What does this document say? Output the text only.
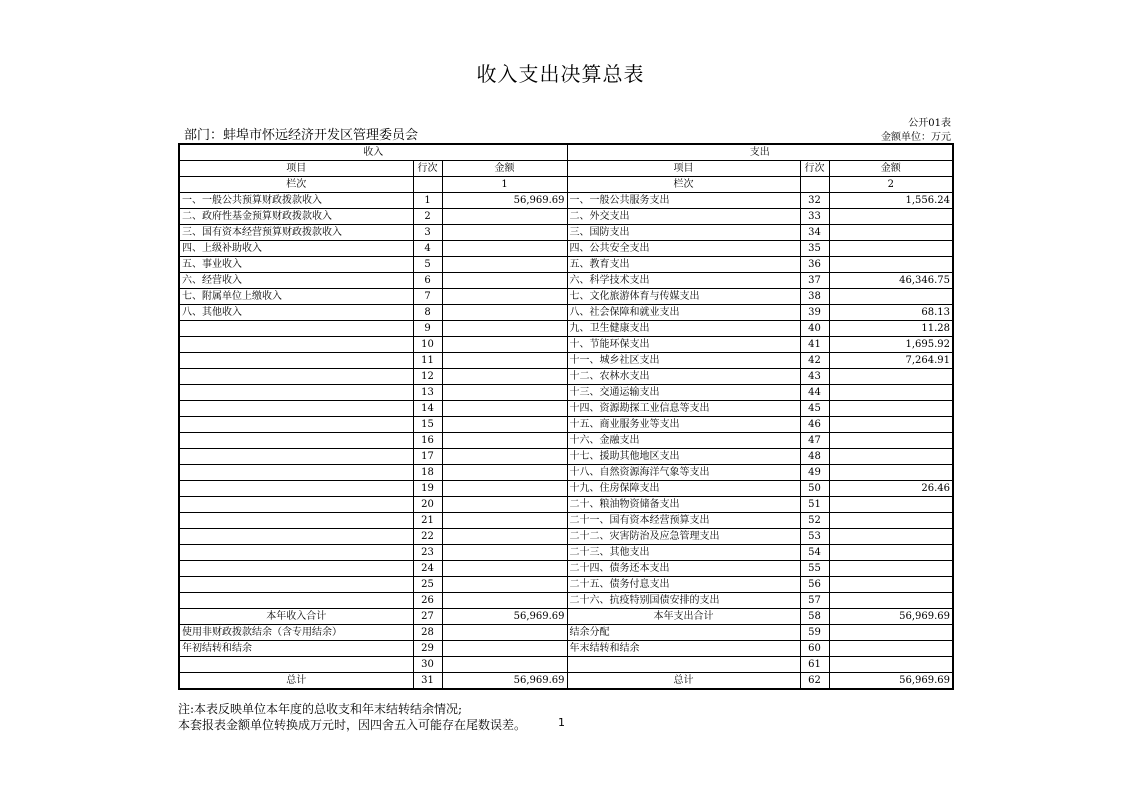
收入支出决算总表
公开01表
金额单位：万元
部门：蚌埠市怀远经济开发区管理委员会
收入			支出		
项目	行次	金额	项目	行次	金额
栏次		1	栏次		2
一、一般公共预算财政拨款收入	1	56,969.69	一、一般公共服务支出	32	1,556.24
二、政府性基金预算财政拨款收入	2		二、外交支出	33	
三、国有资本经营预算财政拨款收入	3		三、国防支出	34	
四、上级补助收入	4		四、公共安全支出	35	
五、事业收入	5		五、教育支出	36	
六、经营收入	6		六、科学技术支出	37	46,346.75
七、附属单位上缴收入	7		七、文化旅游体育与传媒支出	38	
八、其他收入	8		八、社会保障和就业支出	39	68.13
	9		九、卫生健康支出	40	11.28
	10		十、节能环保支出	41	1,695.92
	11		十一、城乡社区支出	42	7,264.91
	12		十二、农林水支出	43	
	13		十三、交通运输支出	44	
	14		十四、资源勘探工业信息等支出	45	
	15		十五、商业服务业等支出	46	
	16		十六、金融支出	47	
	17		十七、援助其他地区支出	48	
	18		十八、自然资源海洋气象等支出	49	
	19		十九、住房保障支出	50	26.46
	20		二十、粮油物资储备支出	51	
	21		二十一、国有资本经营预算支出	52	
	22		二十二、灾害防治及应急管理支出	53	
	23		二十三、其他支出	54	
	24		二十四、债务还本支出	55	
	25		二十五、债务付息支出	56	
	26		二十六、抗疫特别国债安排的支出	57	
本年收入合计	27	56,969.69	本年支出合计	58	56,969.69
使用非财政拨款结余（含专用结余）	28		结余分配	59	
年初结转和结余	29		年末结转和结余	60	
	30			61	
总计	31	56,969.69	总计	62	56,969.69
注:本表反映单位本年度的总收支和年末结转结余情况;
本套报表金额单位转换成万元时，因四舍五入可能存在尾数误差。	1
